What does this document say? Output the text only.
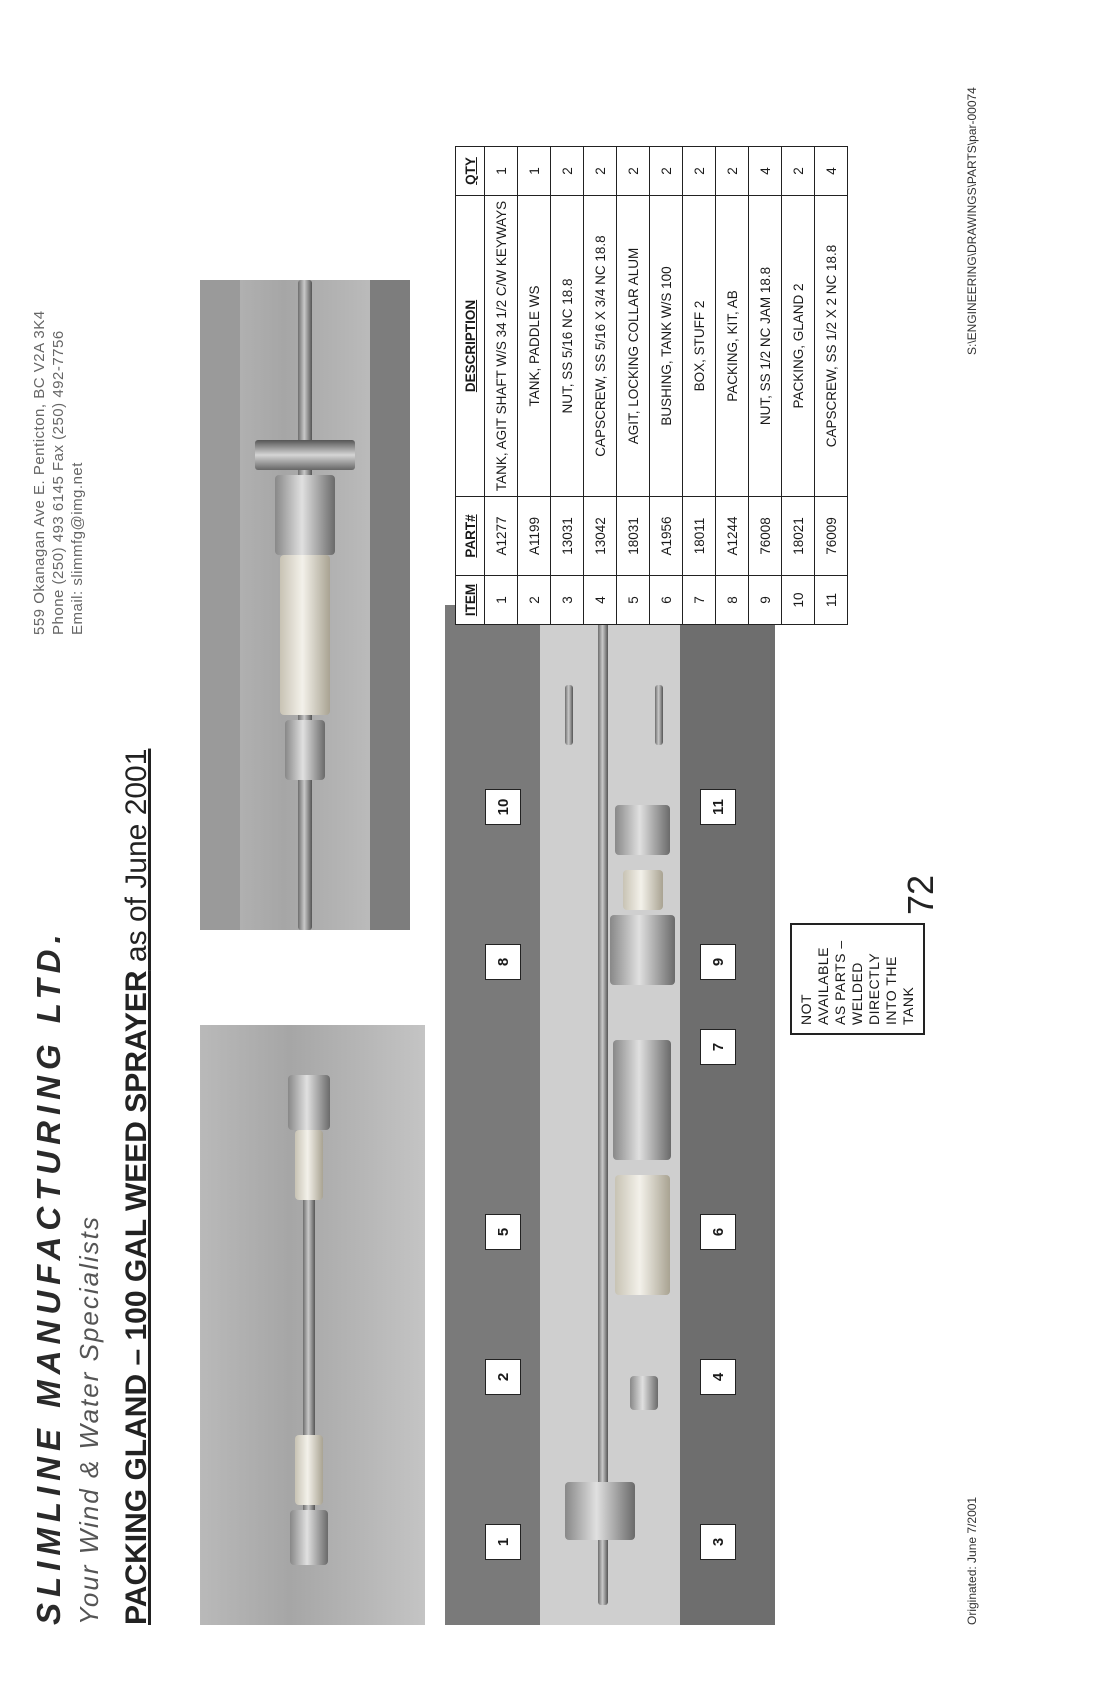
SLIMLINE MANUFACTURING LTD. Your Wind & Water Specialists
559 Okanagan Ave E. Penticton, BC V2A 3K4 Phone (250) 493 6145 Fax (250) 492-7756 Email: slimmfg@img.net
PACKING GLAND – 100 GAL WEED SPRAYER as of June 2001
1
2
3
4
5	6
7
8	9
10	11
NOT AVAILABLE AS PARTS – WELDED DIRECTLY INTO THE TANK
ITEM	PART#	DESCRIPTION	QTY
1	A1277	TANK, AGIT SHAFT W/S 34 1/2 C/W KEYWAYS	1
2	A1199	TANK, PADDLE WS	1
3	13031	NUT, SS 5/16 NC 18.8	2
4	13042	CAPSCREW, SS 5/16 X 3/4 NC 18.8	2
5	18031	AGIT, LOCKING COLLAR ALUM	2
6	A1956	BUSHING, TANK W/S 100	2
7	18011	BOX, STUFF 2	2
8	A1244	PACKING, KIT, AB	2
9	76008	NUT, SS 1/2 NC JAM 18.8	4
10	18021	PACKING, GLAND 2	2
11	76009	CAPSCREW, SS 1/2 X 2 NC 18.8	4
72
Originated: June 7/2001
S:\ENGINEERING\DRAWINGS\PARTS\par-00074
